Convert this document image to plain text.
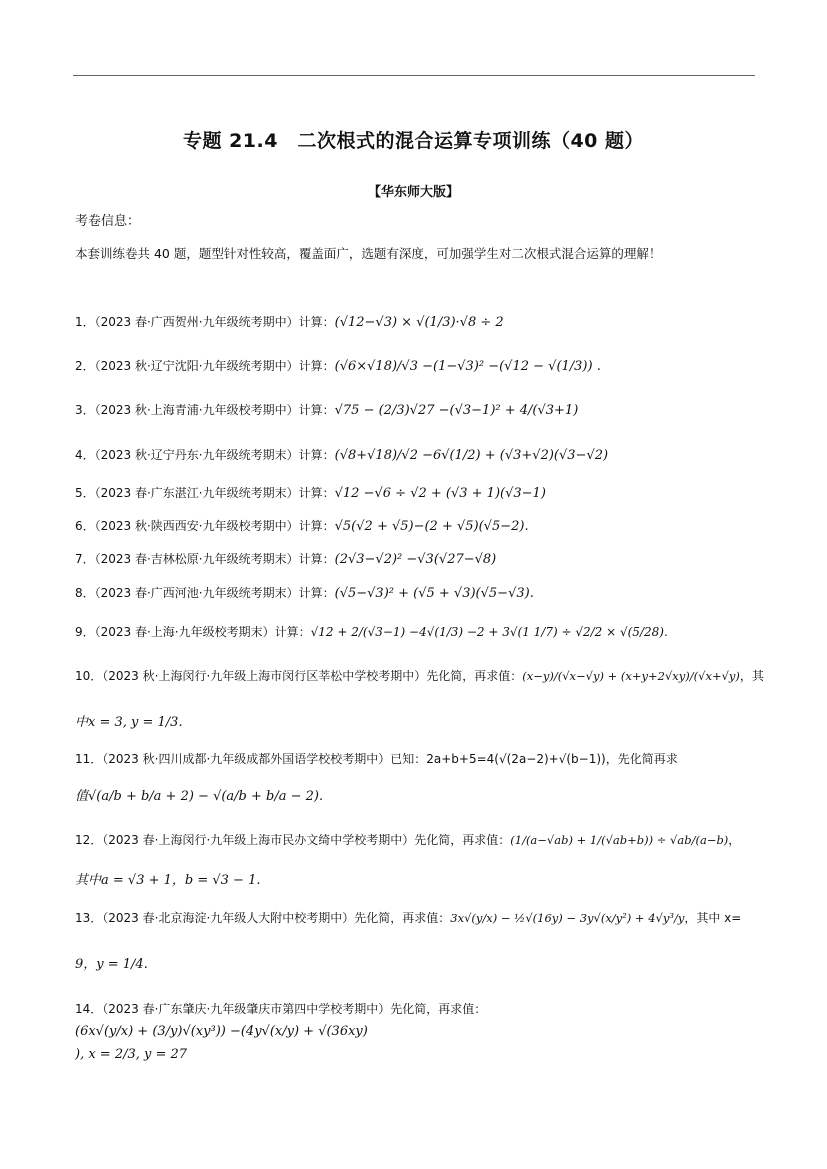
专题 21.4　二次根式的混合运算专项训练（40 题）
【华东师大版】
考卷信息：
本套训练卷共 40 题，题型针对性较高，覆盖面广，选题有深度，可加强学生对二次根式混合运算的理解！
1．（2023 春·广西贺州·九年级统考期中）计算：(√12−√3) × √(1/3)·√8 ÷ 2
2．（2023 秋·辽宁沈阳·九年级统考期中）计算：(√6×√18)/√3 −(1−√3)² −(√12 − √(1/3)) .
3．（2023 秋·上海青浦·九年级校考期中）计算：√75 − (2/3)√27 −(√3−1)² + 4/(√3+1)
4．（2023 秋·辽宁丹东·九年级统考期末）计算：(√8+√18)/√2 −6√(1/2) + (√3+√2)(√3−√2)
5．（2023 春·广东湛江·九年级统考期末）计算：√12 −√6 ÷ √2 + (√3 + 1)(√3−1)
6．（2023 秋·陕西西安·九年级校考期中）计算：√5(√2 + √5)−(2 + √5)(√5−2).
7．（2023 春·吉林松原·九年级统考期末）计算：(2√3−√2)² −√3(√27−√8)
8．（2023 春·广西河池·九年级统考期末）计算：(√5−√3)² + (√5 + √3)(√5−√3).
9．（2023 春·上海·九年级校考期末）计算：√12 + 2/(√3−1) −4√(1/3) −2 + 3√(1 1/7) ÷ √2/2 × √(5/28).
10．（2023 秋·上海闵行·九年级上海市闵行区莘松中学校考期中）先化简，再求值：(x−y)/(√x−√y) + (x+y+2√xy)/(√x+√y)，其
中x = 3, y = 1/3.
11．（2023 秋·四川成都·九年级成都外国语学校校考期中）已知：2a+b+5=4(√(2a−2)+√(b−1))，先化简再求
值√(a/b + b/a + 2) − √(a/b + b/a − 2).
12．（2023 春·上海闵行·九年级上海市民办文绮中学校考期中）先化简，再求值：(1/(a−√ab) + 1/(√ab+b)) ÷ √ab/(a−b)，
其中a = √3 + 1，b = √3 − 1.
13．（2023 春·北京海淀·九年级人大附中校考期中）先化简，再求值：3x√(y/x) − ½√(16y) − 3y√(x/y²) + 4√y³/y，其中 x=
9，y = 1/4.
14．（2023 春·广东肇庆·九年级肇庆市第四中学校考期中）先化简，再求值：
(6x√(y/x) + (3/y)√(xy³)) −(4y√(x/y) + √(36xy)
), x = 2/3, y = 27
